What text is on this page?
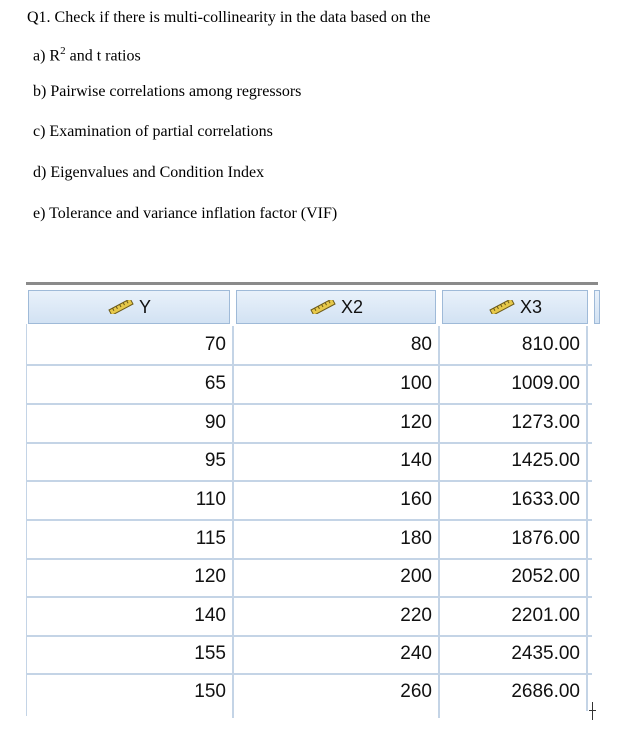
Q1. Check if there is multi-collinearity in the data based on the
a) $R^2$ and t ratios
b) Pairwise correlations among regressors
c) Examination of partial correlations
d) Eigenvalues and Condition Index
e) Tolerance and variance inflation factor (VIF)
Y	X2	X3
70	80	810.00
65	100	1009.00
90	120	1273.00
95	140	1425.00
110	160	1633.00
115	180	1876.00
120	200	2052.00
140	220	2201.00
155	240	2435.00
150	260	2686.00
